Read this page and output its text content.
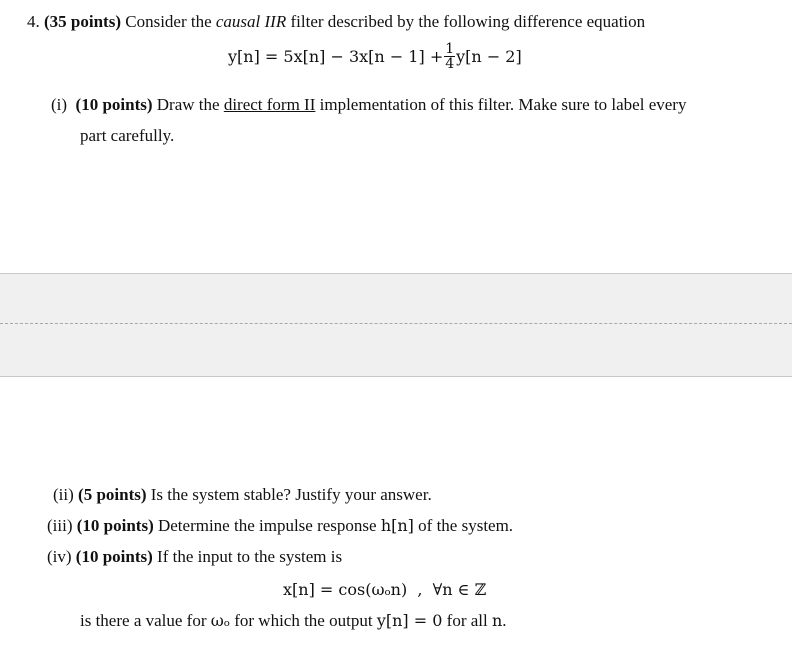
4. (35 points) Consider the causal IIR filter described by the following difference equation
$y[n] = 5x[n] - 3x[n - 1] + \frac{1}{4} y[n - 2]$
(i) (10 points) Draw the direct form II implementation of this filter. Make sure to label every
part carefully.
(ii) (5 points) Is the system stable? Justify your answer.
(iii) (10 points) Determine the impulse response h[n] of the system.
(iv) (10 points) If the input to the system is
x[n] = cos(ωₒn)  ,  ∀n ∈ ℤ
is there a value for ωₒ for which the output y[n] = 0 for all n.
